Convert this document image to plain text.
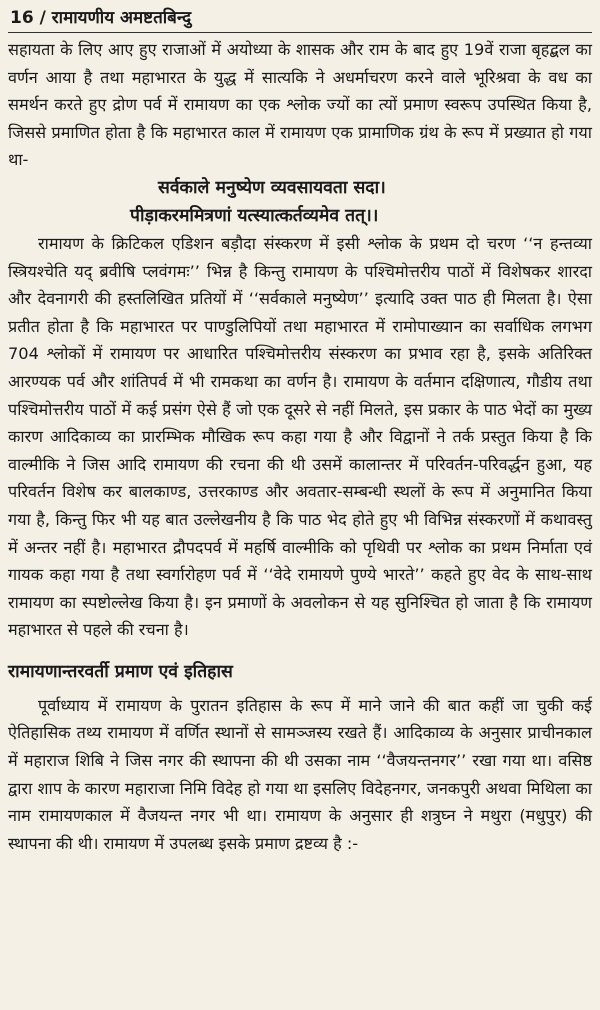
16 / रामायणीय अमष्टतबिन्दु

सहायता के लिए आए हुए राजाओं में अयोध्या के शासक और राम के बाद हुए 19वें राजा बृहद्बल का वर्णन आया है तथा महाभारत के युद्ध में सात्यकि ने अधर्माचरण करने वाले भूरिश्रवा के वध का समर्थन करते हुए द्रोण पर्व में रामायण का एक श्लोक ज्यों का त्यों प्रमाण स्वरूप उपस्थित किया है, जिससे प्रमाणित होता है कि महाभारत काल में रामायण एक प्रामाणिक ग्रंथ के रूप में प्रख्यात हो गया था-

सर्वकाले मनुष्येण व्यवसायवता सदा।
पीड़ाकरममित्रणां यत्स्यात्कर्तव्यमेव तत्।।

रामायण के क्रिटिकल एडिशन बड़ौदा संस्करण में इसी श्लोक के प्रथम दो चरण ‘‘न हन्तव्या स्त्रियश्चेति यद् ब्रवीषि प्लवंगमः’’ भिन्न है किन्तु रामायण के पश्चिमोत्तरीय पाठों में विशेषकर शारदा और देवनागरी की हस्तलिखित प्रतियों में ‘‘सर्वकाले मनुष्येण’’ इत्यादि उक्त पाठ ही मिलता है। ऐसा प्रतीत होता है कि महाभारत पर पाण्डुलिपियों तथा महाभारत में रामोपाख्यान का सर्वाधिक लगभग 704 श्लोकों में रामायण पर आधारित पश्चिमोत्तरीय संस्करण का प्रभाव रहा है, इसके अतिरिक्त आरण्यक पर्व और शांतिपर्व में भी रामकथा का वर्णन है। रामायण के वर्तमान दक्षिणात्य, गौडीय तथा पश्चिमोत्तरीय पाठों में कई प्रसंग ऐसे हैं जो एक दूसरे से नहीं मिलते, इस प्रकार के पाठ भेदों का मुख्य कारण आदिकाव्य का प्रारम्भिक मौखिक रूप कहा गया है और विद्वानों ने तर्क प्रस्तुत किया है कि वाल्मीकि ने जिस आदि रामायण की रचना की थी उसमें कालान्तर में परिवर्तन-परिवर्द्धन हुआ, यह परिवर्तन विशेष कर बालकाण्ड, उत्तरकाण्ड और अवतार-सम्बन्धी स्थलों के रूप में अनुमानित किया गया है, किन्तु फिर भी यह बात उल्लेखनीय है कि पाठ भेद होते हुए भी विभिन्न संस्करणों में कथावस्तु में अन्तर नहीं है। महाभारत द्रौपदपर्व में महर्षि वाल्मीकि को पृथिवी पर श्लोक का प्रथम निर्माता एवं गायक कहा गया है तथा स्वर्गारोहण पर्व में ‘‘वेदे रामायणे पुण्ये भारते’’ कहते हुए वेद के साथ-साथ रामायण का स्पष्टोल्लेख किया है। इन प्रमाणों के अवलोकन से यह सुनिश्चित हो जाता है कि रामायण महाभारत से पहले की रचना है।

रामायणान्तरवर्ती प्रमाण एवं इतिहास

पूर्वाध्याय में रामायण के पुरातन इतिहास के रूप में माने जाने की बात कहीं जा चुकी कई ऐतिहासिक तथ्य रामायण में वर्णित स्थानों से सामञ्जस्य रखते हैं। आदिकाव्य के अनुसार प्राचीनकाल में महाराज शिबि ने जिस नगर की स्थापना की थी उसका नाम ‘‘वैजयन्तनगर’’ रखा गया था। वसिष्ठ द्वारा शाप के कारण महाराजा निमि विदेह हो गया था इसलिए विदेहनगर, जनकपुरी अथवा मिथिला का नाम रामायणकाल में वैजयन्त नगर भी था। रामायण के अनुसार ही शत्रुघ्न ने मथुरा (मधुपुर) की स्थापना की थी। रामायण में उपलब्ध इसके प्रमाण द्रष्टव्य है :-
